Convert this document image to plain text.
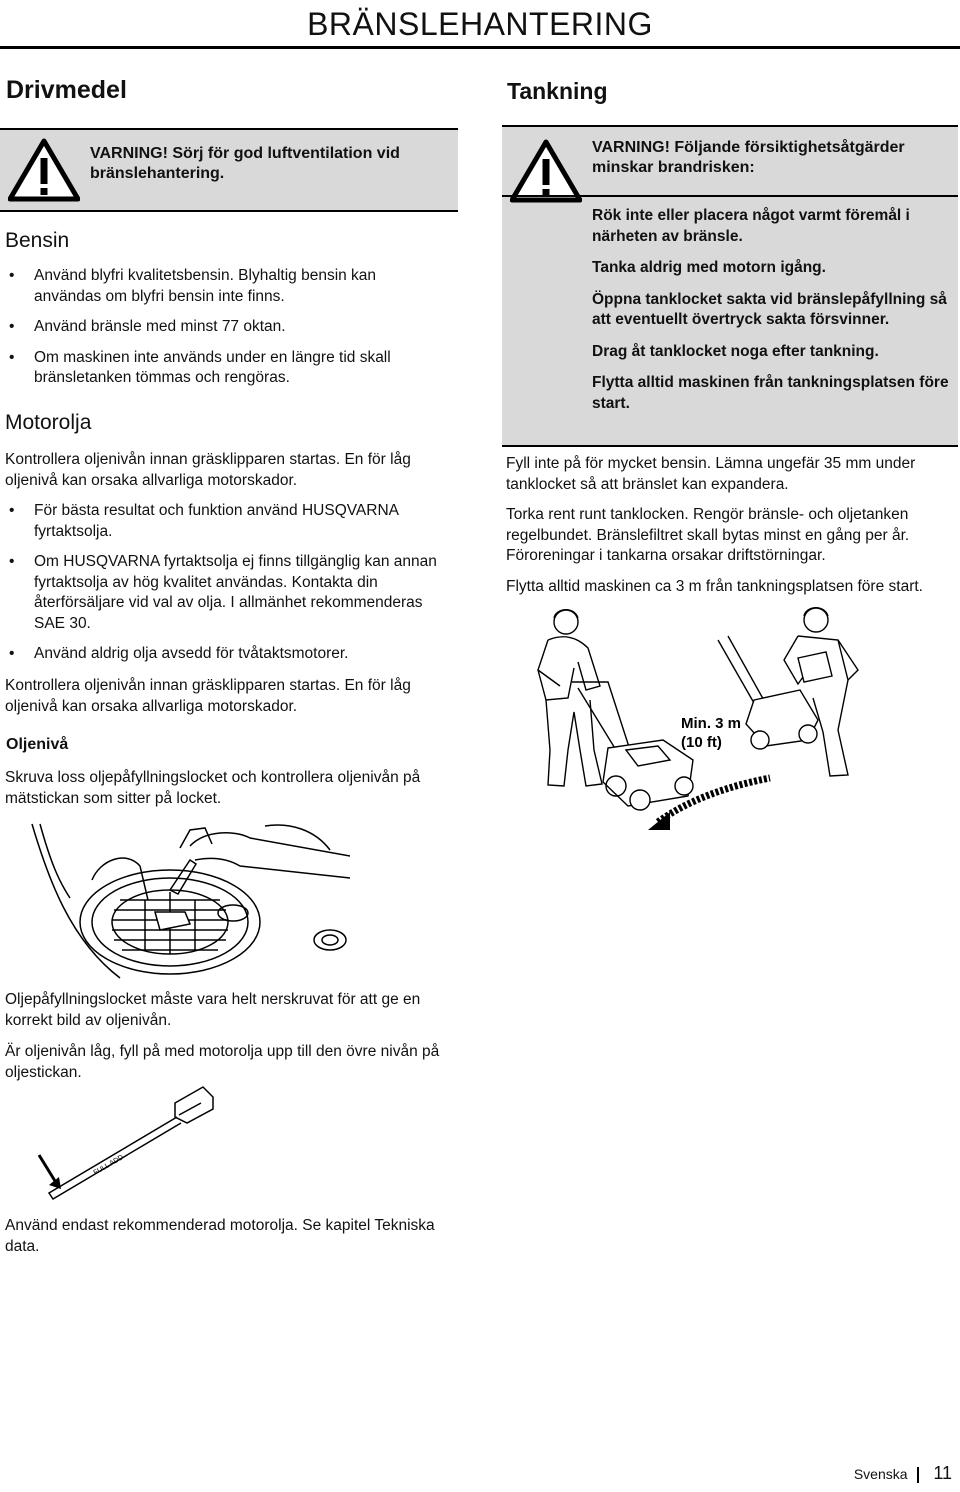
BRÄNSLEHANTERING
Drivmedel
VARNING! Sörj för god luftventilation vid bränslehantering.
Bensin
• Använd blyfri kvalitetsbensin. Blyhaltig bensin kan användas om blyfri bensin inte finns.
• Använd bränsle med minst 77 oktan.
• Om maskinen inte används under en längre tid skall bränsletanken tömmas och rengöras.
Motorolja

Kontrollera oljenivån innan gräsklipparen startas. En för låg oljenivå kan orsaka allvarliga motorskador.

• För bästa resultat och funktion använd HUSQVARNA fyrtaktsolja.
• Om HUSQVARNA fyrtaktsolja ej finns tillgänglig kan annan fyrtaktsolja av hög kvalitet användas. Kontakta din återförsäljare vid val av olja. I allmänhet rekommenderas SAE 30.
• Använd aldrig olja avsedd för tvåtaktsmotorer.

Kontrollera oljenivån innan gräsklipparen startas. En för låg oljenivå kan orsaka allvarliga motorskador.

Oljenivå

Skruva loss oljepåfyllningslocket och kontrollera oljenivån på mätstickan som sitter på locket.

Oljepåfyllningslocket måste vara helt nerskruvat för att ge en korrekt bild av oljenivån.

Är oljenivån låg, fyll på med motorolja upp till den övre nivån på oljestickan.

FULL ADD

Använd endast rekommenderad motorolja. Se kapitel Tekniska data.

Tankning
VARNING! Följande försiktighetsåtgärder minskar brandrisken:
Rök inte eller placera något varmt föremål i närheten av bränsle.
Tanka aldrig med motorn igång.
Öppna tanklocket sakta vid bränslepåfyllning så att eventuellt övertryck sakta försvinner.
Drag åt tanklocket noga efter tankning.
Flytta alltid maskinen från tankningsplatsen före start.

Fyll inte på för mycket bensin. Lämna ungefär 35 mm under tanklocket så att bränslet kan expandera.

Torka rent runt tanklocken. Rengör bränsle- och oljetanken regelbundet. Bränslefiltret skall bytas minst en gång per år. Föroreningar i tankarna orsakar driftstörningar.

Flytta alltid maskinen ca 3 m från tankningsplatsen före start.

Min. 3 m
(10 ft)
Svenska 11
